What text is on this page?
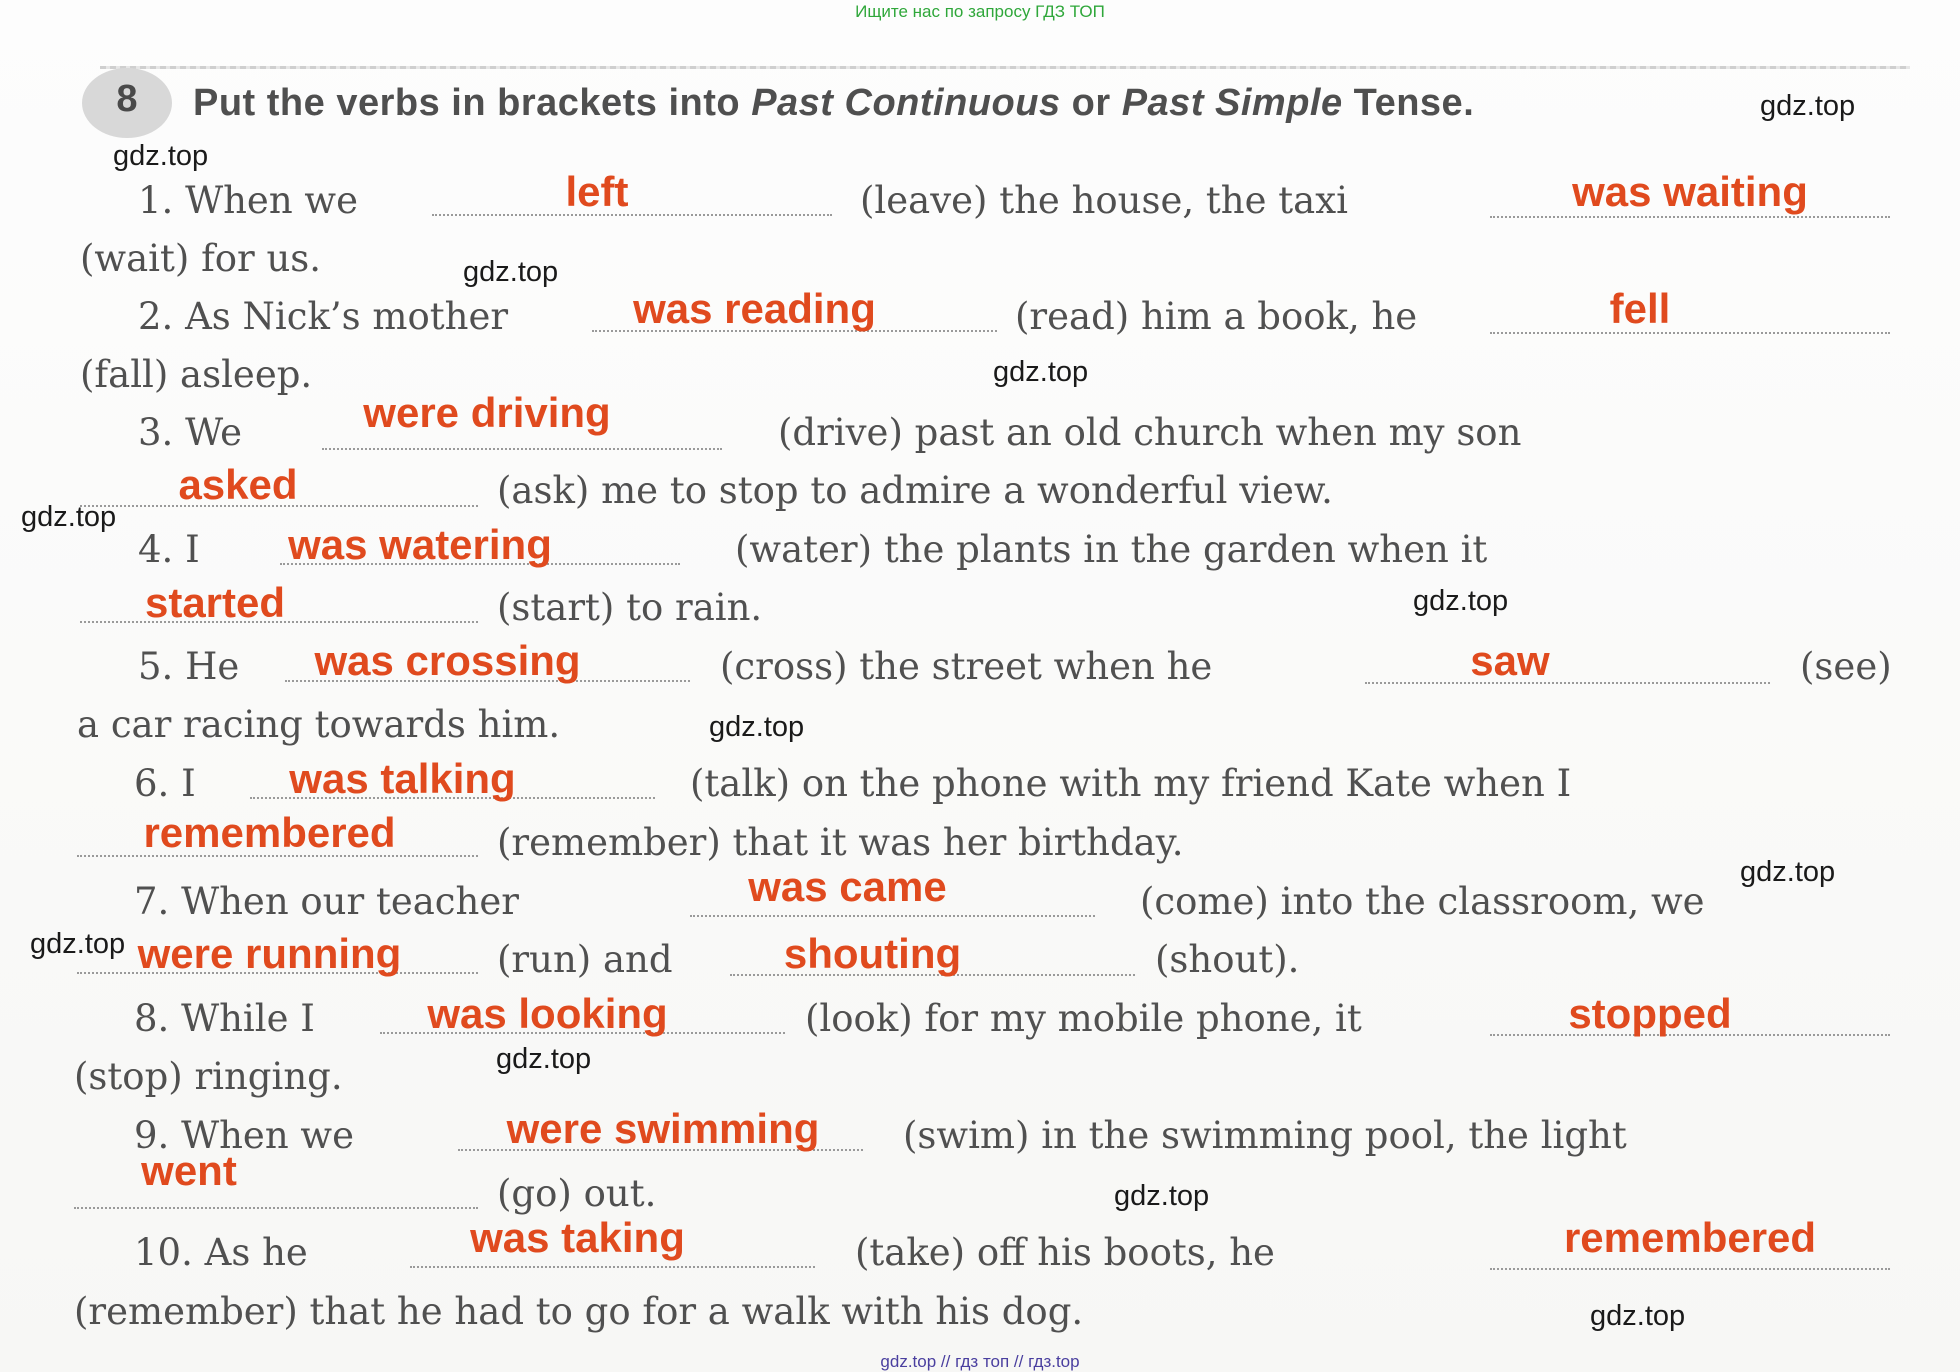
Ищите нас по запросу ГДЗ ТОП
8	Put the verbs in brackets into Past Continuous or Past Simple Tense.
1. When we	left	(leave) the house, the taxi	was waiting
(wait) for us.
2. As Nick’s mother	was reading	(read) him a book, he	fell
(fall) asleep.
3. We	were driving	(drive) past an old church when my son
asked	(ask) me to stop to admire a wonderful view.
4. I was watering	(water) the plants in the garden when it
started	(start) to rain.
5. He	was crossing	(cross) the street when he	saw	(see)
a car racing towards him.
6. I	was talking	(talk) on the phone with my friend Kate when I
remembered	(remember) that it was her birthday.
7. When our teacher	was came	(come) into the classroom, we
were running	(run) and	shouting	(shout).
8. While I	was looking	(look) for my mobile phone, it	stopped
(stop) ringing.
9. When we	were swimming	(swim) in the swimming pool, the light
went	(go) out.
10. As he	was taking	(take) off his boots, he	remembered
(remember) that he had to go for a walk with his dog.
gdz.top
gdz.top
gdz.top
gdz.top
gdz.top
gdz.top
gdz.top
gdz.top
gdz.top
gdz.top
gdz.top
gdz.top
gdz.top // гдз топ // гдз.top
